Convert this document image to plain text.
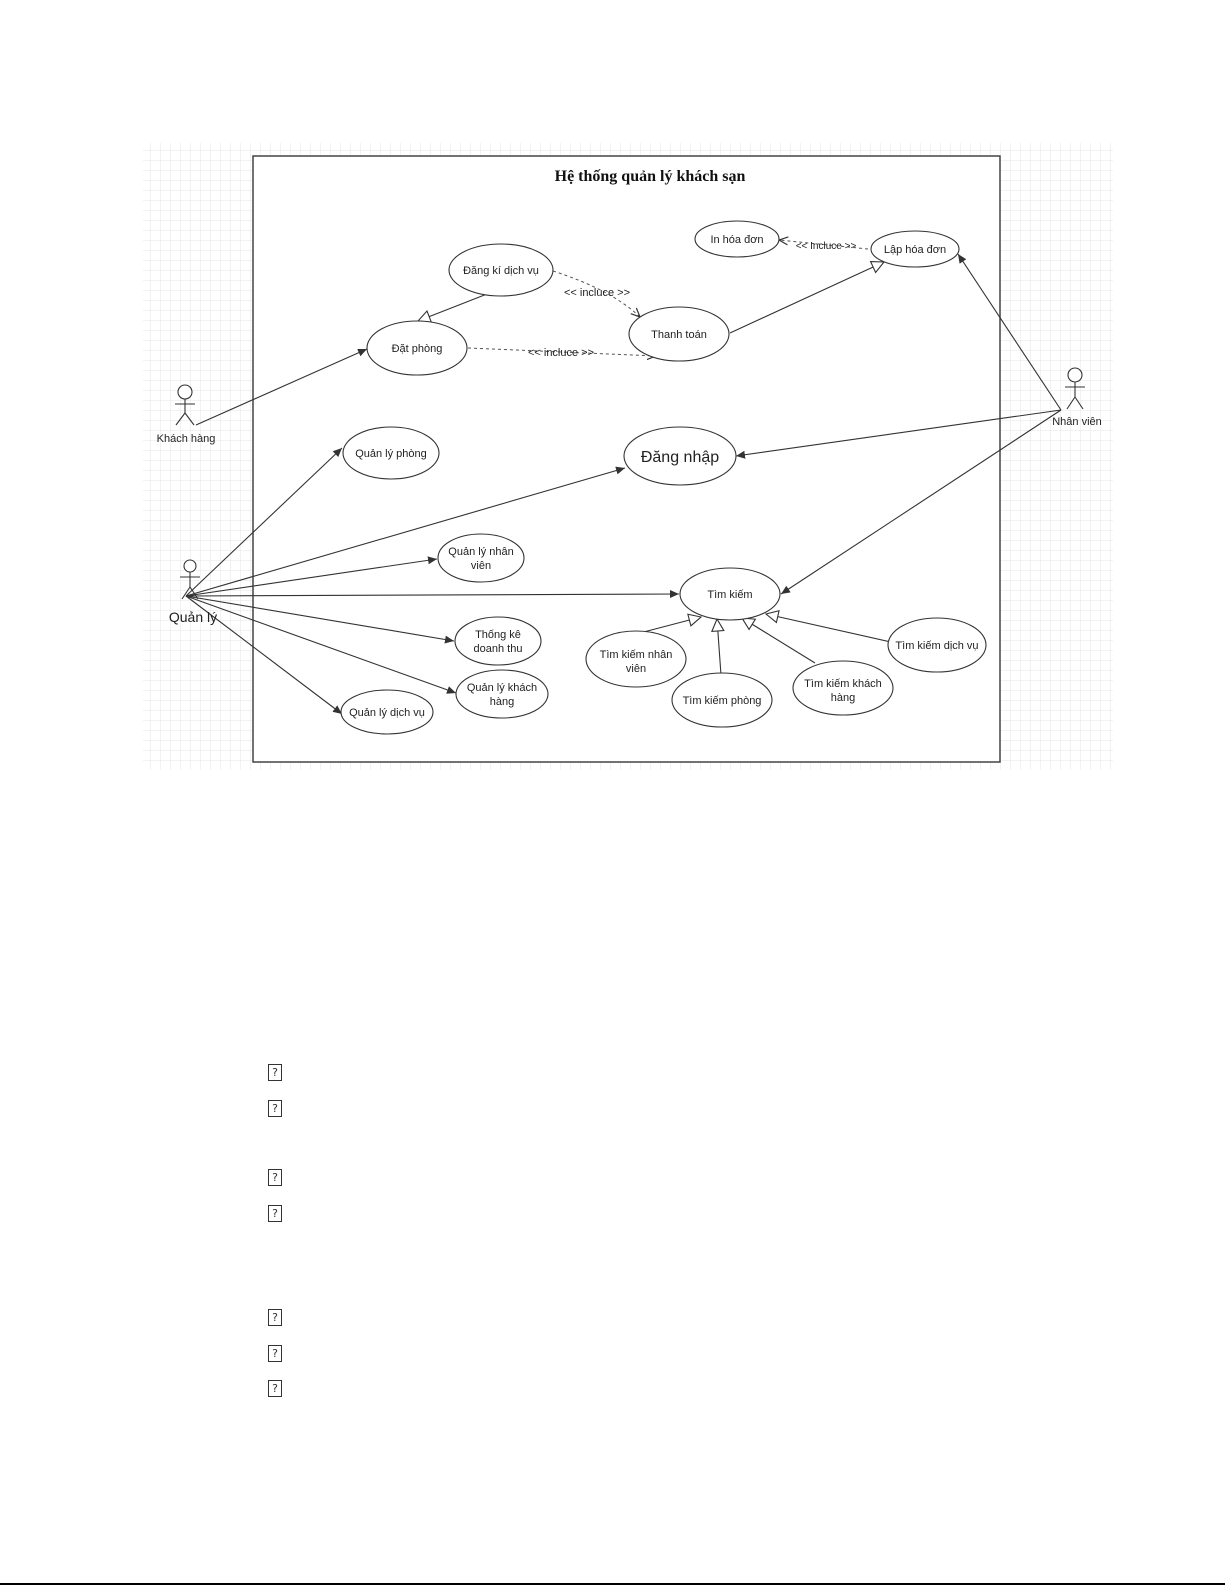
Hệ thống quản lý khách sạn
<< incluce >>
<< incluce >>
<< Incluce >>
In hóa đơn
Lập hóa đơn
Đăng kí dịch vụ
Thanh toán
Đặt phòng
Đăng nhập
Quản lý phòng
Quản lý nhân
viên
Tìm kiếm
Thống kê
doanh thu
Quản lý khách
hàng
Quản lý dịch vụ
Tìm kiếm nhân
viên
Tìm kiếm phòng
Tìm kiếm khách
hàng
Tìm kiếm dịch vụ
Khách hàng
Quản lý
Nhân viên
?
?
?
?
?
?
?
